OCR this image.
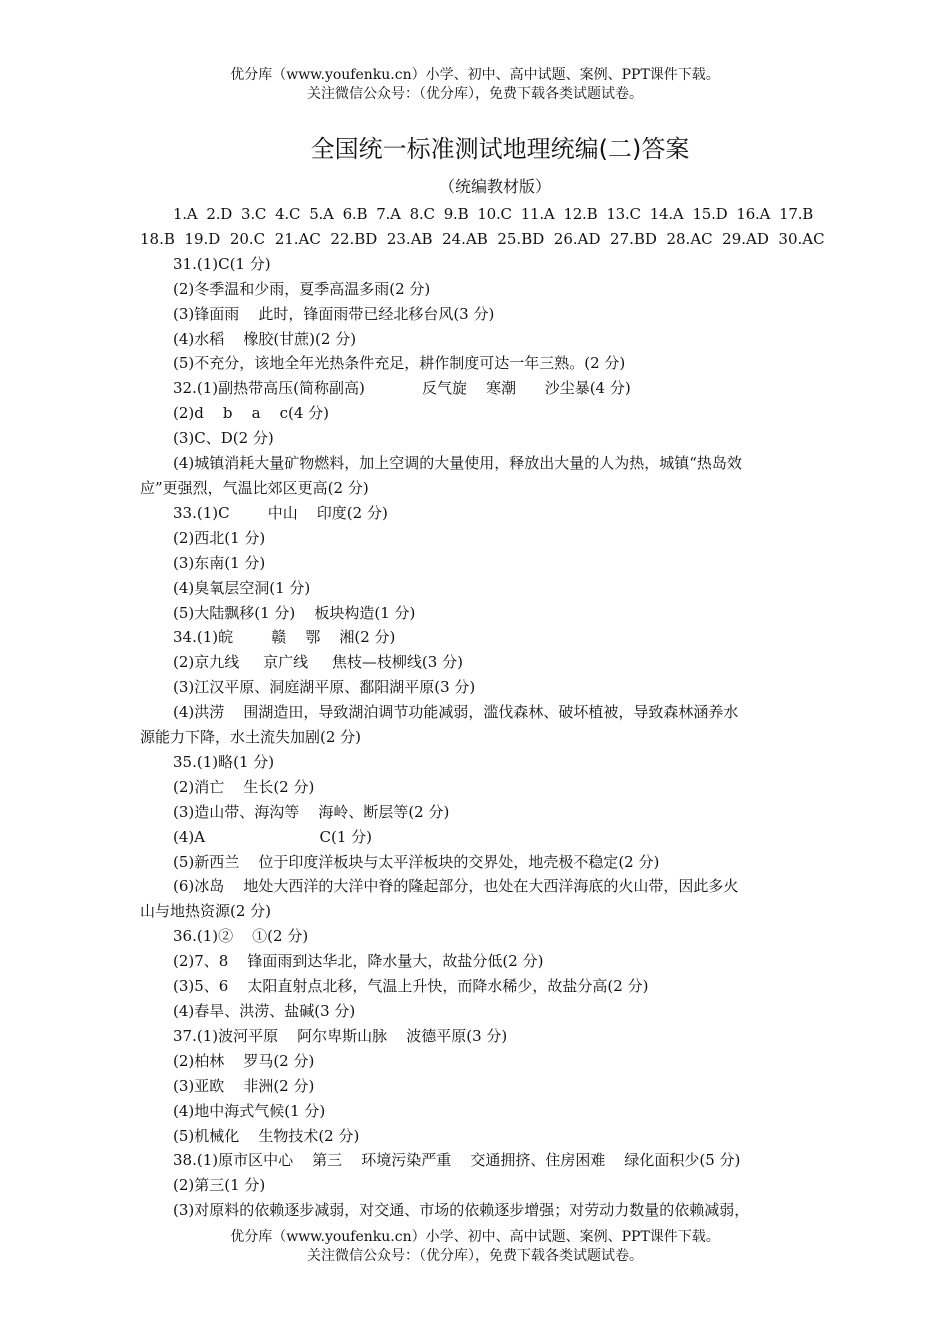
优分库（www.youfenku.cn）小学、初中、高中试题、案例、PPT课件下载。

关注微信公众号：（优分库），免费下载各类试题试卷。

全国统一标准测试地理统编(二)答案
（统编教材版）

1.A  2.D  3.C  4.C  5.A  6.B  7.A  8.C  9.B  10.C  11.A  12.B  13.C  14.A  15.D  16.A  17.B

18.B  19.D  20.C  21.AC  22.BD  23.AB  24.AB  25.BD  26.AD  27.BD  28.AC  29.AD  30.AC

31.(1)C(1 分)

(2)冬季温和少雨，夏季高温多雨(2 分)

(3)锋面雨    此时，锋面雨带已经北移台风(3 分)

(4)水稻    橡胶(甘蔗)(2 分)

(5)不充分，该地全年光热条件充足，耕作制度可达一年三熟。(2 分)

32.(1)副热带高压(简称副高)            反气旋    寒潮      沙尘暴(4 分)

(2)d    b    a    c(4 分)

(3)C、D(2 分)

(4)城镇消耗大量矿物燃料，加上空调的大量使用，释放出大量的人为热，城镇“热岛效

应”更强烈，气温比郊区更高(2 分)

33.(1)C        中山    印度(2 分)

(2)西北(1 分)

(3)东南(1 分)

(4)臭氧层空洞(1 分)

(5)大陆飘移(1 分)    板块构造(1 分)

34.(1)皖        赣    鄂    湘(2 分)

(2)京九线     京广线     焦枝—枝柳线(3 分)

(3)江汉平原、洞庭湖平原、鄱阳湖平原(3 分)

(4)洪涝    围湖造田，导致湖泊调节功能减弱，滥伐森林、破坏植被，导致森林涵养水

源能力下降，水土流失加剧(2 分)

35.(1)略(1 分)

(2)消亡    生长(2 分)

(3)造山带、海沟等    海岭、断层等(2 分)

(4)A                        C(1 分)

(5)新西兰    位于印度洋板块与太平洋板块的交界处，地壳极不稳定(2 分)

(6)冰岛    地处大西洋的大洋中脊的隆起部分，也处在大西洋海底的火山带，因此多火

山与地热资源(2 分)

36.(1)②    ①(2 分)

(2)7、8    锋面雨到达华北，降水量大，故盐分低(2 分)

(3)5、6    太阳直射点北移，气温上升快，而降水稀少，故盐分高(2 分)

(4)春旱、洪涝、盐碱(3 分)

37.(1)波河平原    阿尔卑斯山脉    波德平原(3 分)

(2)柏林    罗马(2 分)

(3)亚欧    非洲(2 分)

(4)地中海式气候(1 分)

(5)机械化    生物技术(2 分)

38.(1)原市区中心    第三    环境污染严重    交通拥挤、住房困难    绿化面积少(5 分)

(2)第三(1 分)

(3)对原料的依赖逐步减弱，对交通、市场的依赖逐步增强；对劳动力数量的依赖减弱，

优分库（www.youfenku.cn）小学、初中、高中试题、案例、PPT课件下载。

关注微信公众号：（优分库），免费下载各类试题试卷。
